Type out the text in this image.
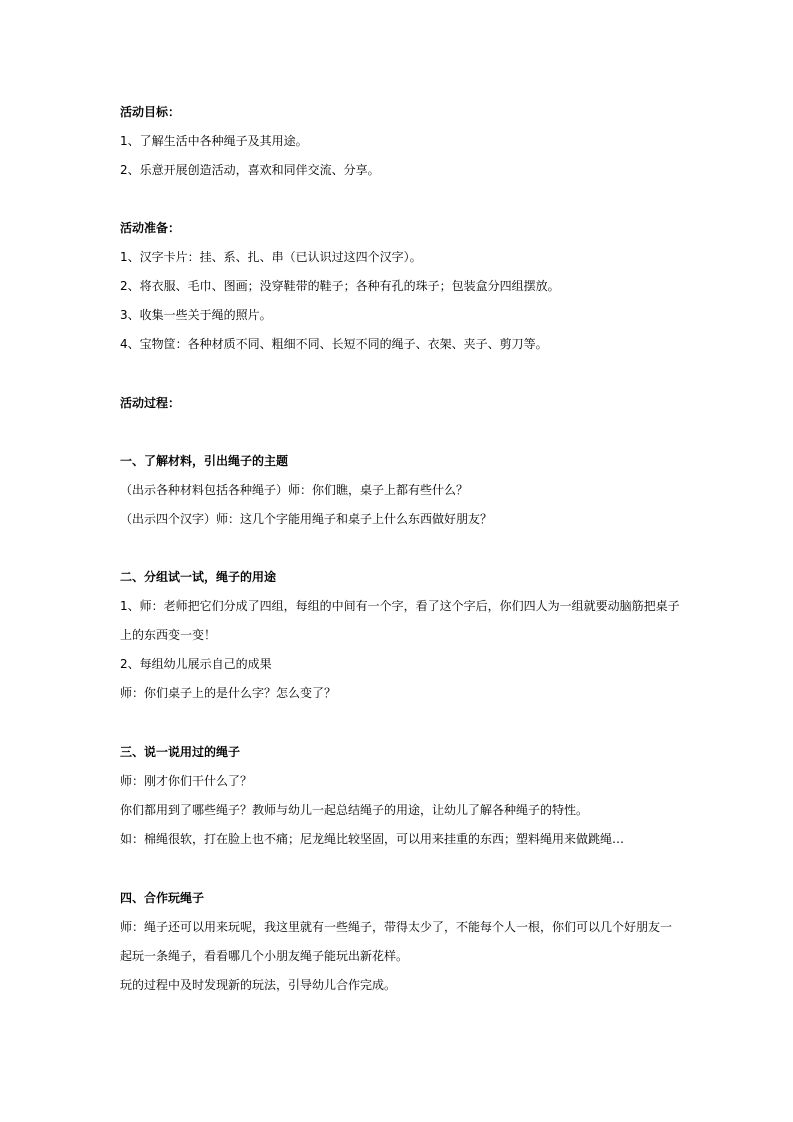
活动目标：
1、了解生活中各种绳子及其用途。
2、乐意开展创造活动，喜欢和同伴交流、分享。
活动准备：
1、汉字卡片：挂、系、扎、串（已认识过这四个汉字）。
2、将衣服、毛巾、图画；没穿鞋带的鞋子；各种有孔的珠子；包装盒分四组摆放。
3、收集一些关于绳的照片。
4、宝物筐：各种材质不同、粗细不同、长短不同的绳子、衣架、夹子、剪刀等。
活动过程：
一、了解材料，引出绳子的主题
（出示各种材料包括各种绳子）师：你们瞧，桌子上都有些什么？
（出示四个汉字）师：这几个字能用绳子和桌子上什么东西做好朋友？
二、分组试一试，绳子的用途
1、师：老师把它们分成了四组，每组的中间有一个字，看了这个字后，你们四人为一组就要动脑筋把桌子
上的东西变一变！
2、每组幼儿展示自己的成果
师：你们桌子上的是什么字？怎么变了？
三、说一说用过的绳子
师：刚才你们干什么了？
你们都用到了哪些绳子？教师与幼儿一起总结绳子的用途，让幼儿了解各种绳子的特性。
如：棉绳很软，打在脸上也不痛；尼龙绳比较坚固，可以用来挂重的东西；塑料绳用来做跳绳…
四、合作玩绳子
师：绳子还可以用来玩呢，我这里就有一些绳子，带得太少了，不能每个人一根，你们可以几个好朋友一
起玩一条绳子，看看哪几个小朋友绳子能玩出新花样。
玩的过程中及时发现新的玩法，引导幼儿合作完成。
